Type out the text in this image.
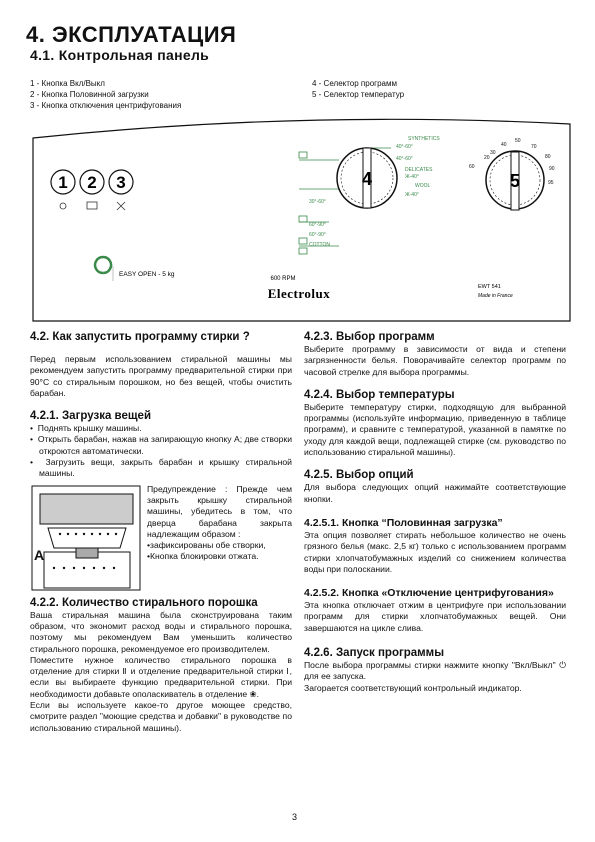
4. ЭКСПЛУАТАЦИЯ
4.1. Контрольная панель
1 - Кнопка Вкл/Выкл
2 - Кнопка Половинной загрузки
3 - Кнопка отключения центрифугования
4 - Селектор программ
5 - Селектор температур
1 2 3
EASY OPEN - 5 kg
600 RPM
Electrolux	EWT 541
Made in France
SYNTHETICS
40°-60°
40°-60°
DELICATES
Ж-40°
WOOL
Ж-40°
30°-60°
60°-90°
60°-90°
COTTON
4
20
30
40
50
60
70
80
90
95
5
4.2. Как запустить программу стирки ?

Перед первым использованием стиральной машины мы рекомендуем запустить программу предварительной стирки при 90°С со стиральным порошком, но без вещей, чтобы очистить барабан.

4.2.1. Загрузка вещей
•  Поднять крышку машины.
•  Открыть барабан, нажав на запирающую кнопку А; две створки откроются автоматически.
•  Загрузить вещи, закрыть барабан и крышку стиральной машины.
A

Предупреждение : Прежде чем закрыть крышку стиральной машины, убедитесь в том, что дверца барабана закрыта надлежащим образом :

•зафиксированы обе створки,
•Кнопка блокировки отжата.
4.2.2. Количество стирального порошка

Ваша стиральная машина была сконструирована таким образом, что экономит расход воды и стирального порошка, поэтому мы рекомендуем Вам уменьшить количество стирального порошка, рекомендуемое его производителем.

Поместите нужное количество стирального порошка в отделение для стирки Ⅱ и отделение предварительной стирки Ⅰ, если вы выбираете функцию предварительной стирки. При необходимости добавьте ополаскиватель в отделение ❀.

Если вы используете какое-то другое моющее средство, смотрите раздел "моющие средства и добавки" в руководстве по использованию стиральной машины).

4.2.3. Выбор программ

Выберите программу в зависимости от вида и степени загрязненности белья. Поворачивайте селектор программ по часовой стрелке для выбора программы.

4.2.4. Выбор температуры

Выберите температуру стирки, подходящую для выбранной программы (используйте информацию, приведенную в таблице программ), и сравните с температурой, указанной в памятке по уходу для каждой вещи, подлежащей стирке (см. руководство по использованию стиральной машины).

4.2.5. Выбор опций

Для выбора следующих опций нажимайте соответствующие кнопки.

4.2.5.1. Кнопка “Половинная загрузка”

Эта опция позволяет стирать небольшое количество не очень грязного белья (макс. 2,5 кг) только с использованием программ стирки хлопчатобумажных изделий со снижением количества воды при полоскании.

4.2.5.2. Кнопка «Отключение центрифугования»

Эта кнопка отключает отжим в центрифуге при использовании программ для стирки хлопчатобумажных вещей. Они завершаются на цикле слива.

4.2.6. Запуск программы

После выбора программы стирки нажмите кнопку "Вкл/Выкл" ⏻ для ее запуска.

Загорается соответствующий контрольный индикатор.

3
